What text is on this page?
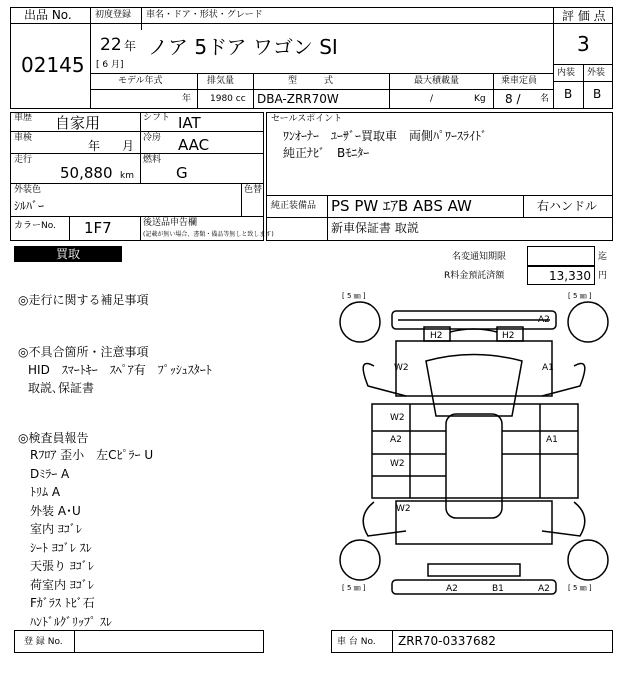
出品 No.
02145
初度登録
22 年
[ 6 月]
車名・ドア・形状・グレード
ノア 5ドア ワゴン SI
評 価 点
3
内装 外装
B B
モデル年式
年
排気量
1980 cc
型　　　式
DBA-ZRR70W
最大積載量
/	Kg
乗車定員
8 / 名
車歴 自家用	シフト IAT
車検
年 月
冷房 AAC
走行
50,880 km
燃料
G
外装色
ｼﾙﾊﾞｰ
色替
カラーNo. 1F7	後送品申告欄
(記載が無い場合、書類・備品等無しと致します)
セールスポイント
ﾜﾝｵｰﾅｰ　ﾕｰｻﾞｰ買取車　両側ﾊﾟﾜｰｽﾗｲﾄﾞ
純正ﾅﾋﾞ　Bﾓﾆﾀｰ
純正装備品 PS PW ｴｱB ABS AW	右ハンドル
新車保証書 取説
買取	名変通知期限	迄
R料金預託済額	13,330 円
◎走行に関する補足事項
◎不具合箇所・注意事項
HID　ｽﾏｰﾄｷｰ　ｽﾍﾟｱ有　ﾌﾟｯｼｭｽﾀｰﾄ
取説､保証書
◎検査員報告
Rﾌﾛｱ 歪小　左Cﾋﾟﾗｰ U
Dﾐﾗｰ A
ﾄﾘﾑ A
外装 A･U
室内 ﾖｺﾞﾚ
ｼｰﾄ ﾖｺﾞﾚ ｽﾚ
天張り ﾖｺﾞﾚ
荷室内 ﾖｺﾞﾚ
Fｶﾞﾗｽ ﾄﾋﾞ石
ﾊﾝﾄﾞﾙｸﾞﾘｯﾌﾟ ｽﾚ
[ 5 ㎜ ]	[ 5 ㎜ ]
[ 5 ㎜ ]	[ 5 ㎜ ]
A2
H2	H2
W2	A1
W2
A2	A1
W2
W2
A2	B1	A2
登 録 No.	車 台 No. ZRR70-0337682
